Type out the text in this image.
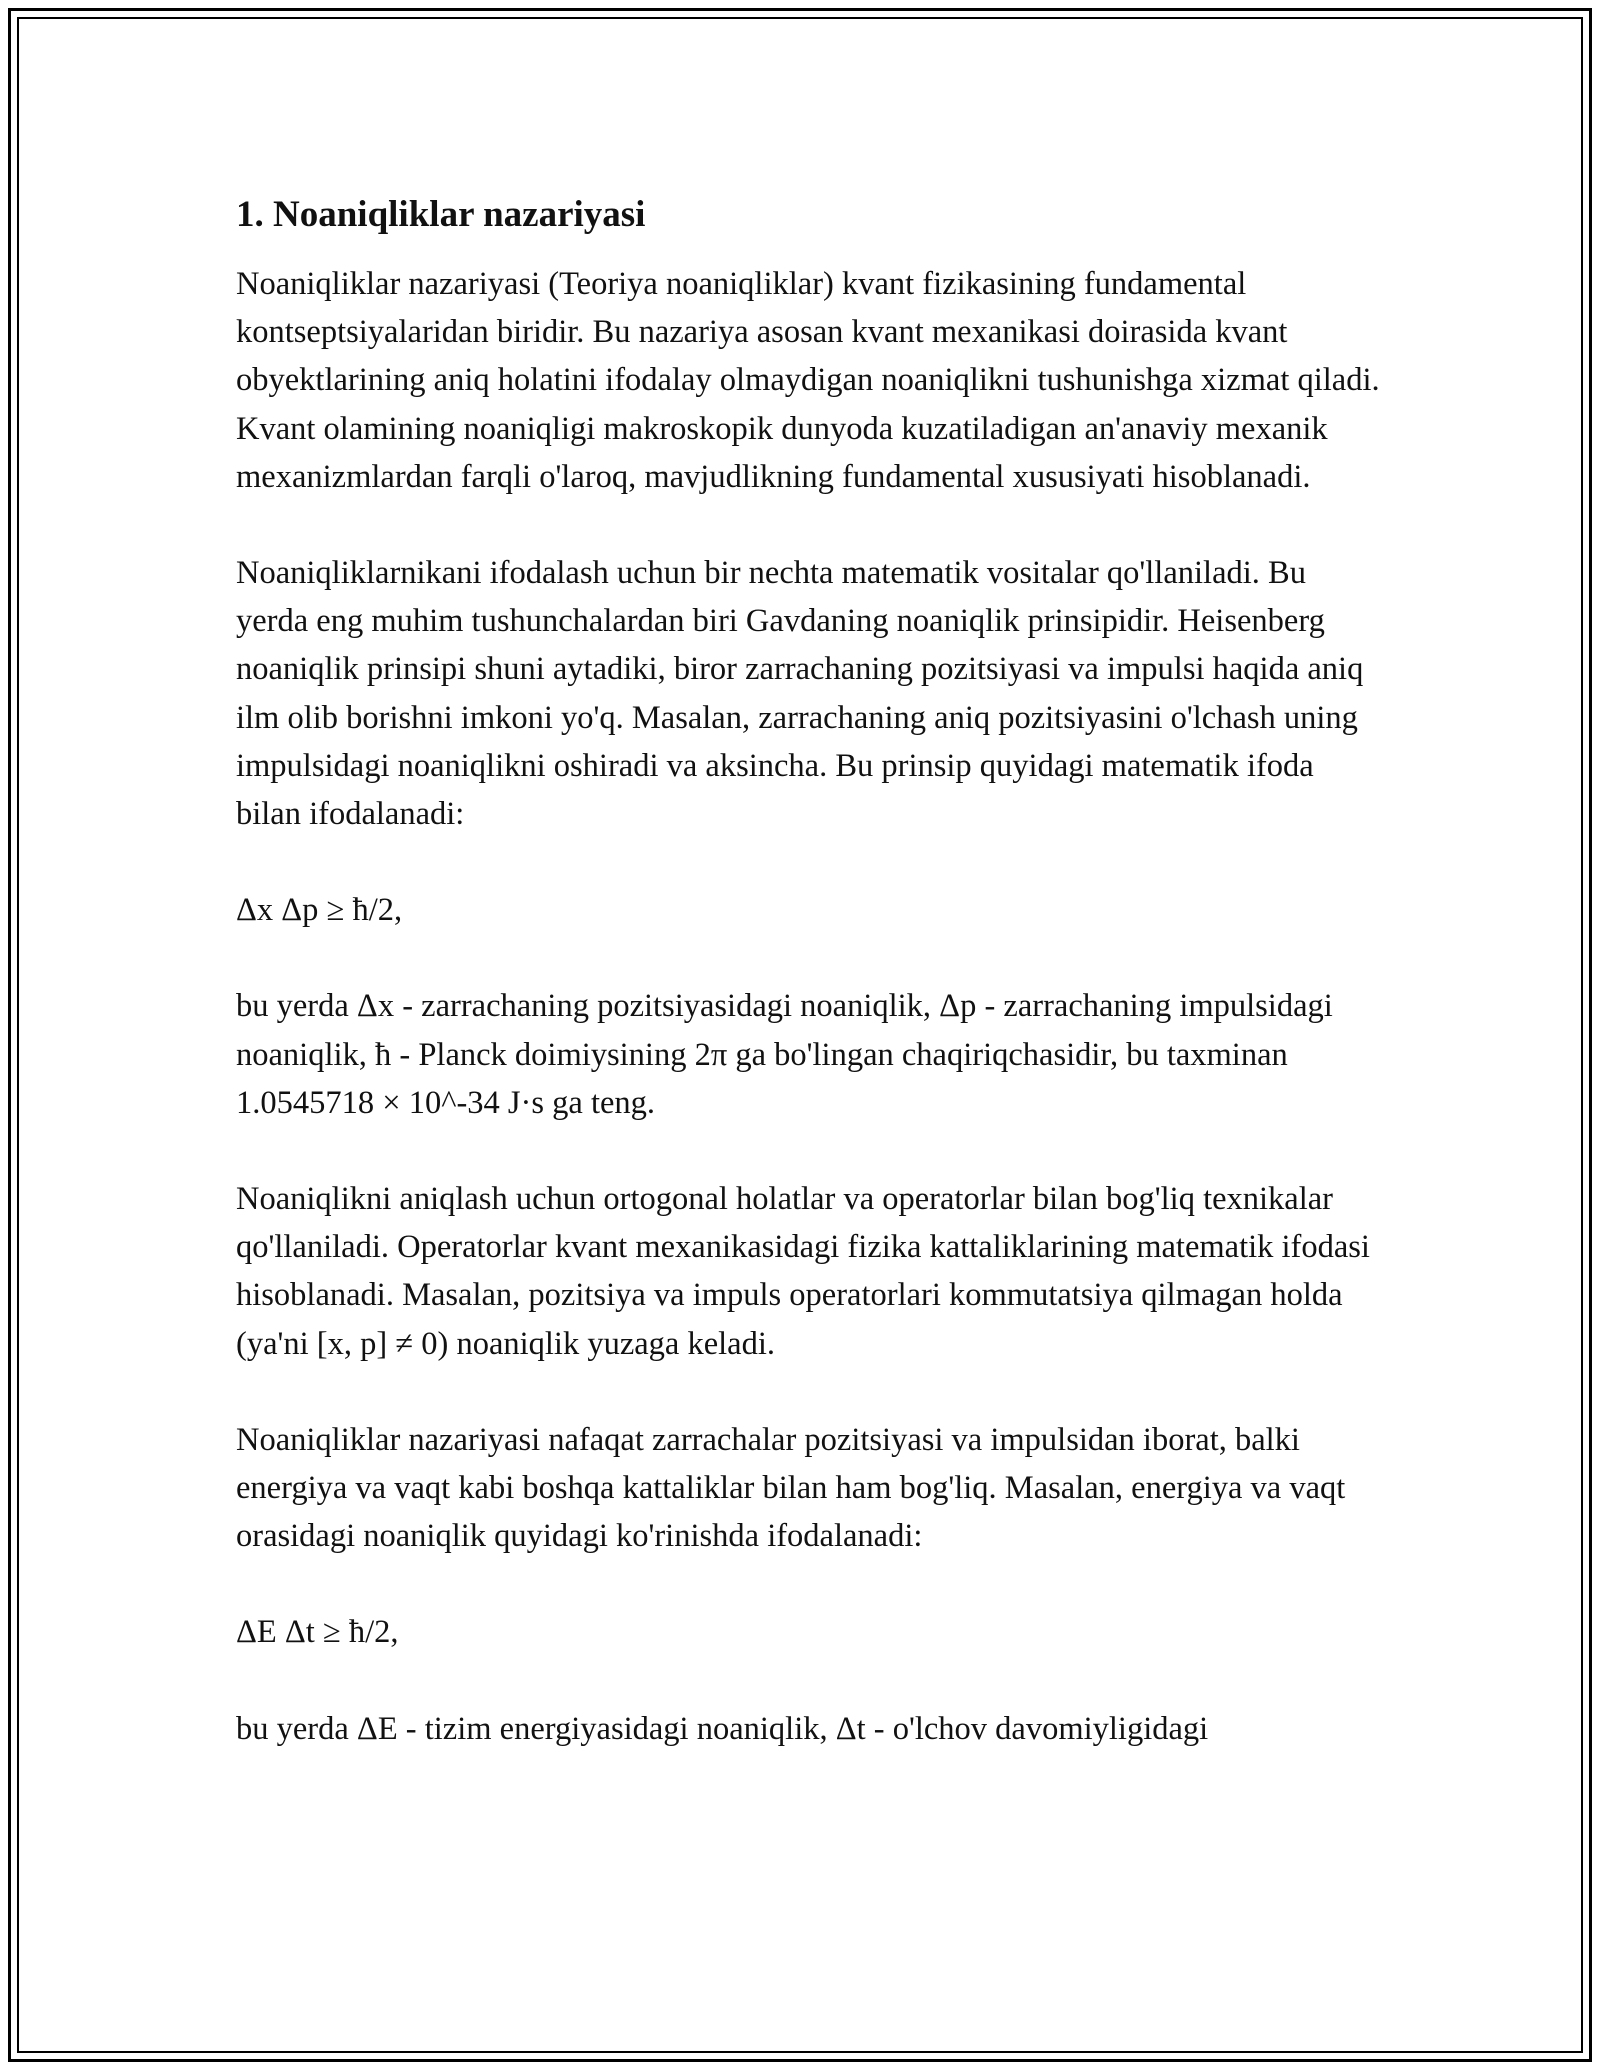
1. Noaniqliklar nazariyasi

Noaniqliklar nazariyasi (Teoriya noaniqliklar) kvant fizikasining fundamental kontseptsiyalaridan biridir. Bu nazariya asosan kvant mexanikasi doirasida kvant obyektlarining aniq holatini ifodalay olmaydigan noaniqlikni tushunishga xizmat qiladi. Kvant olamining noaniqligi makroskopik dunyoda kuzatiladigan an'anaviy mexanik mexanizmlardan farqli o'laroq, mavjudlikning fundamental xususiyati hisoblanadi.

Noaniqliklarnikani ifodalash uchun bir nechta matematik vositalar qo'llaniladi. Bu yerda eng muhim tushunchalardan biri Gavdaning noaniqlik prinsipidir. Heisenberg noaniqlik prinsipi shuni aytadiki, biror zarrachaning pozitsiyasi va impulsi haqida aniq ilm olib borishni imkoni yo'q. Masalan, zarrachaning aniq pozitsiyasini o'lchash uning impulsidagi noaniqlikni oshiradi va aksincha. Bu prinsip quyidagi matematik ifoda bilan ifodalanadi:

Δx Δp ≥ ħ/2,

bu yerda Δx - zarrachaning pozitsiyasidagi noaniqlik, Δp - zarrachaning impulsidagi noaniqlik, ħ - Planck doimiysining 2π ga bo'lingan chaqiriqchasidir, bu taxminan 1.0545718 × 10^-34 J·s ga teng.

Noaniqlikni aniqlash uchun ortogonal holatlar va operatorlar bilan bog'liq texnikalar qo'llaniladi. Operatorlar kvant mexanikasidagi fizika kattaliklarining matematik ifodasi hisoblanadi. Masalan, pozitsiya va impuls operatorlari kommutatsiya qilmagan holda (ya'ni [x, p] ≠ 0) noaniqlik yuzaga keladi.

Noaniqliklar nazariyasi nafaqat zarrachalar pozitsiyasi va impulsidan iborat, balki energiya va vaqt kabi boshqa kattaliklar bilan ham bog'liq. Masalan, energiya va vaqt orasidagi noaniqlik quyidagi ko'rinishda ifodalanadi:

ΔE Δt ≥ ħ/2,

bu yerda ΔE - tizim energiyasidagi noaniqlik, Δt - o'lchov davomiyligidagi
